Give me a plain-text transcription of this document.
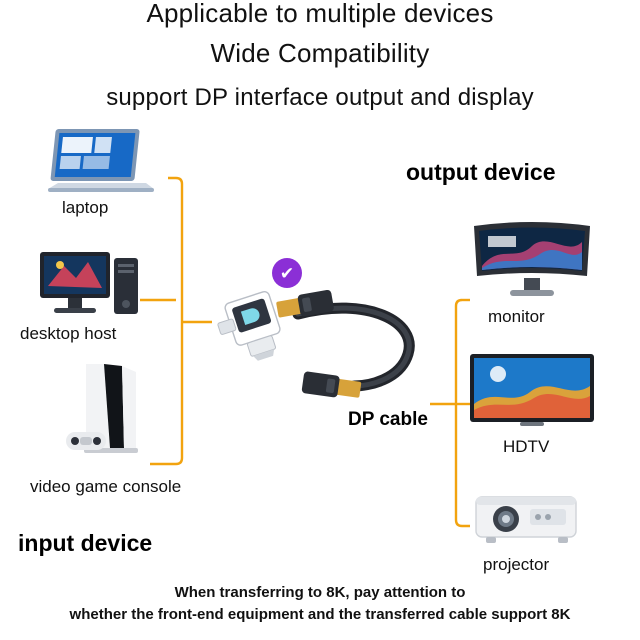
Applicable to multiple devices
Wide Compatibility
support DP interface output and display
laptop
desktop host
video game console
✔
DP cable
output device
input device
monitor
HDTV
projector
When transferring to 8K, pay attention to
whether the front-end equipment and the transferred cable support 8K
